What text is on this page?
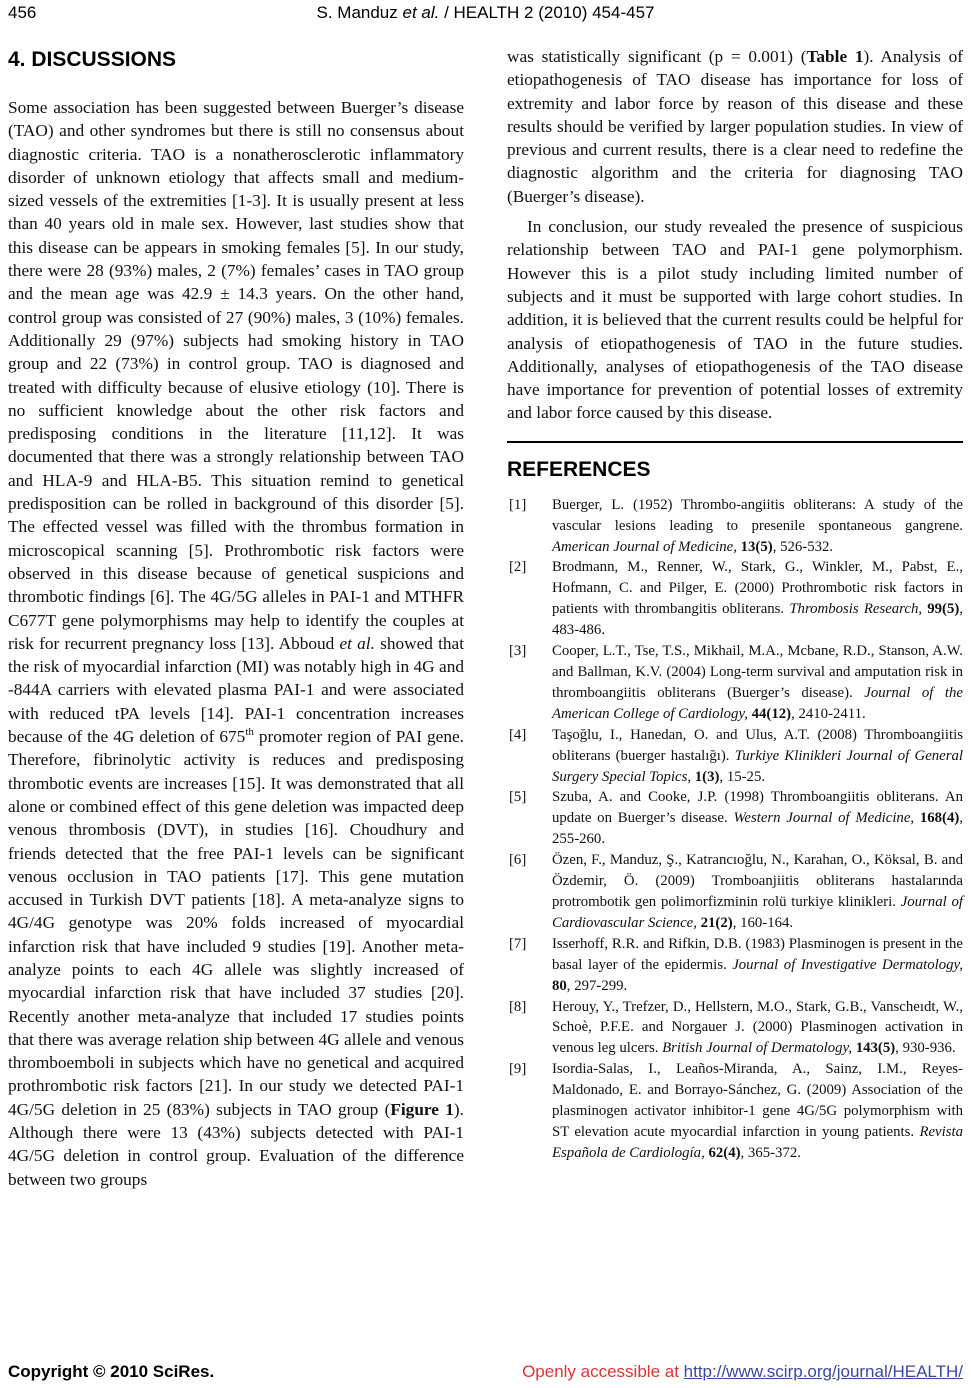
456	S. Manduz et al. / HEALTH 2 (2010) 454-457
4. DISCUSSIONS

Some association has been suggested between Buerger’s disease (TAO) and other syndromes but there is still no consensus about diagnostic criteria. TAO is a nonatherosclerotic inflammatory disorder of unknown etiology that affects small and medium-sized vessels of the extremities [1-3]. It is usually present at less than 40 years old in male sex. However, last studies show that this disease can be appears in smoking females [5]. In our study, there were 28 (93%) males, 2 (7%) females’ cases in TAO group and the mean age was 42.9 ± 14.3 years. On the other hand, control group was consisted of 27 (90%) males, 3 (10%) females. Additionally 29 (97%) subjects had smoking history in TAO group and 22 (73%) in control group. TAO is diagnosed and treated with difficulty because of elusive etiology (10]. There is no sufficient knowledge about the other risk factors and predisposing conditions in the literature [11,12]. It was documented that there was a strongly relationship between TAO and HLA-9 and HLA-B5. This situation remind to genetical predisposition can be rolled in background of this disorder [5]. The effected vessel was filled with the thrombus formation in microscopical scanning [5]. Prothrombotic risk factors were observed in this disease because of genetical suspicions and thrombotic findings [6]. The 4G/5G alleles in PAI-1 and MTHFR C677T gene polymorphisms may help to identify the couples at risk for recurrent pregnancy loss [13]. Abboud et al. showed that the risk of myocardial infarction (MI) was notably high in 4G and -844A carriers with elevated plasma PAI-1 and were associated with reduced tPA levels [14]. PAI-1 concentration increases because of the 4G deletion of 675th promoter region of PAI gene. Therefore, fibrinolytic activity is reduces and predisposing thrombotic events are increases [15]. It was demonstrated that all alone or combined effect of this gene deletion was impacted deep venous thrombosis (DVT), in studies [16]. Choudhury and friends detected that the free PAI-1 levels can be significant venous occlusion in TAO patients [17]. This gene mutation accused in Turkish DVT patients [18]. A meta-analyze signs to 4G/4G genotype was 20% folds increased of myocardial infarction risk that have included 9 studies [19]. Another meta-analyze points to each 4G allele was slightly increased of myocardial infarction risk that have included 37 studies [20]. Recently another meta-analyze that included 17 studies points that there was average relation ship between 4G allele and venous thromboemboli in subjects which have no genetical and acquired prothrombotic risk factors [21]. In our study we detected PAI-1 4G/5G deletion in 25 (83%) subjects in TAO group (Figure 1). Although there were 13 (43%) subjects detected with PAI-1 4G/5G deletion in control group. Evaluation of the difference between two groups

was statistically significant (p = 0.001) (Table 1). Analysis of etiopathogenesis of TAO disease has importance for loss of extremity and labor force by reason of this disease and these results should be verified by larger population studies. In view of previous and current results, there is a clear need to redefine the diagnostic algorithm and the criteria for diagnosing TAO (Buerger’s disease).

In conclusion, our study revealed the presence of suspicious relationship between TAO and PAI-1 gene polymorphism. However this is a pilot study including limited number of subjects and it must be supported with large cohort studies. In addition, it is believed that the current results could be helpful for analysis of etiopathogenesis of TAO in the future studies. Additionally, analyses of etiopathogenesis of the TAO disease have importance for prevention of potential losses of extremity and labor force caused by this disease.

REFERENCES
[1] Buerger, L. (1952) Thrombo-angiitis obliterans: A study of the vascular lesions leading to presenile spontaneous gangrene. American Journal of Medicine, 13(5), 526-532.
[2] Brodmann, M., Renner, W., Stark, G., Winkler, M., Pabst, E., Hofmann, C. and Pilger, E. (2000) Prothrombotic risk factors in patients with thrombangitis obliterans. Thrombosis Research, 99(5), 483-486.
[3] Cooper, L.T., Tse, T.S., Mikhail, M.A., Mcbane, R.D., Stanson, A.W. and Ballman, K.V. (2004) Long-term survival and amputation risk in thromboangiitis obliterans (Buerger’s disease). Journal of the American College of Cardiology, 44(12), 2410-2411.
[4] Taşoğlu, I., Hanedan, O. and Ulus, A.T. (2008) Thromboangiitis obliterans (buerger hastalığı). Turkiye Klinikleri Journal of General Surgery Special Topics, 1(3), 15-25.
[5] Szuba, A. and Cooke, J.P. (1998) Thromboangiitis obliterans. An update on Buerger’s disease. Western Journal of Medicine, 168(4), 255-260.
[6] Özen, F., Manduz, Ş., Katrancıoğlu, N., Karahan, O., Köksal, B. and Özdemir, Ö. (2009) Tromboanjiitis obliterans hastalarında protrombotik gen polimorfizminin rolü turkiye klinikleri. Journal of Cardiovascular Science, 21(2), 160-164.
[7] Isserhoff, R.R. and Rifkin, D.B. (1983) Plasminogen is present in the basal layer of the epidermis. Journal of Investigative Dermatology, 80, 297-299.
[8] Herouy, Y., Trefzer, D., Hellstern, M.O., Stark, G.B., Vanscheıdt, W., Schoè, P.F.E. and Norgauer J. (2000) Plasminogen activation in venous leg ulcers. British Journal of Dermatology, 143(5), 930-936.
[9] Isordia-Salas, I., Leaños-Miranda, A., Sainz, I.M., Reyes-Maldonado, E. and Borrayo-Sánchez, G. (2009) Association of the plasminogen activator inhibitor-1 gene 4G/5G polymorphism with ST elevation acute myocardial infarction in young patients. Revista Española de Cardiología, 62(4), 365-372.
Copyright © 2010 SciRes.	Openly accessible at http://www.scirp.org/journal/HEALTH/
